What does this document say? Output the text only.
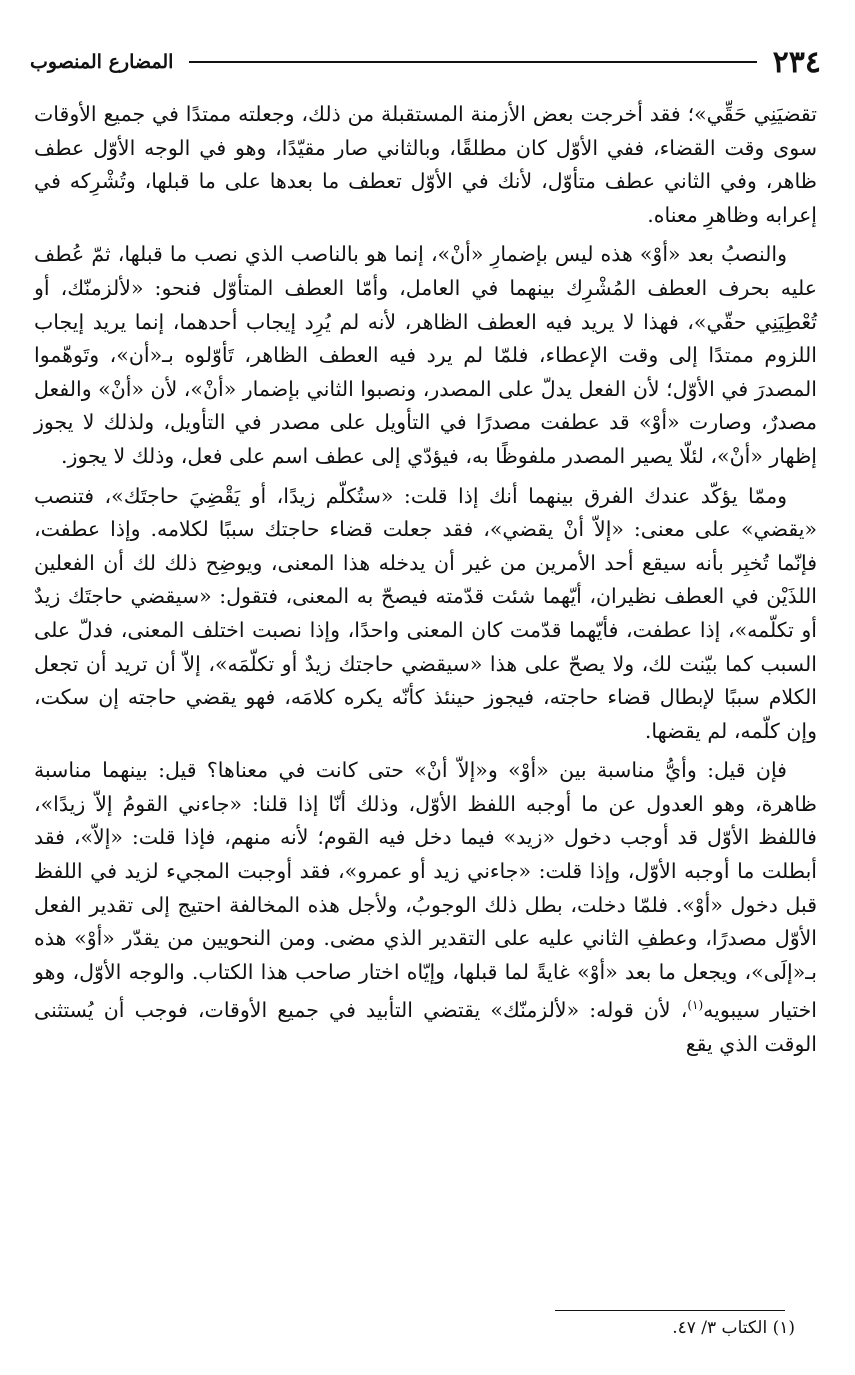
٢٣٤
المضارع المنصوب

تقضيَنِي حَقِّي»؛ فقد أخرجت بعض الأزمنة المستقبلة من ذلك، وجعلته ممتدًا في جميع الأوقات سوى وقت القضاء، ففي الأوّل كان مطلقًا، وبالثاني صار مقيّدًا، وهو في الوجه الأوّل عطف ظاهر، وفي الثاني عطف متأوّل، لأنك في الأوّل تعطف ما بعدها على ما قبلها، وتُشْرِكه في إعرابه وظاهرِ معناه.

والنصبُ بعد «أوْ» هذه ليس بإضمارِ «أنْ»، إنما هو بالناصب الذي نصب ما قبلها، ثمّ عُطف عليه بحرف العطف المُشْرِك بينهما في العامل، وأمّا العطف المتأوّل فنحو: «لألزمنّك، أو تُعْطِيَنِي حقّي»، فهذا لا يريد فيه العطف الظاهر، لأنه لم يُرِد إيجاب أحدهما، إنما يريد إيجاب اللزوم ممتدًا إلى وقت الإعطاء، فلمّا لم يرد فيه العطف الظاهر، تَأوّلوه بـ«أن»، وتَوهّموا المصدرَ في الأوّل؛ لأن الفعل يدلّ على المصدر، ونصبوا الثاني بإضمار «أنْ»، لأن «أنْ» والفعل مصدرٌ، وصارت «أوْ» قد عطفت مصدرًا في التأويل على مصدر في التأويل، ولذلك لا يجوز إظهار «أنْ»، لئلّا يصير المصدر ملفوظًا به، فيؤدّي إلى عطف اسم على فعل، وذلك لا يجوز.

وممّا يؤكّد عندك الفرق بينهما أنك إذا قلت: «ستُكلّم زيدًا، أو يَقْضِيَ حاجتَك»، فتنصب «يقضي» على معنى: «إلاّ أنْ يقضي»، فقد جعلت قضاء حاجتك سببًا لكلامه. وإذا عطفت، فإنّما تُخبِر بأنه سيقع أحد الأمرين من غير أن يدخله هذا المعنى، ويوضِح ذلك لك أن الفعلين اللذَيْن في العطف نظيران، أيّهما شئت قدّمته فيصحّ به المعنى، فتقول: «سيقضي حاجتَك زيدٌ أو تكلّمه»، إذا عطفت، فأيّهما قدّمت كان المعنى واحدًا، وإذا نصبت اختلف المعنى، فدلّ على السبب كما بيّنت لك، ولا يصحّ على هذا «سيقضي حاجتك زيدٌ أو تكلّمَه»، إلاّ أن تريد أن تجعل الكلام سببًا لإبطال قضاء حاجته، فيجوز حينئذ كأنّه يكره كلامَه، فهو يقضي حاجته إن سكت، وإن كلّمه، لم يقضها.

فإن قيل: وأيُّ مناسبة بين «أوْ» و«إلاّ أنْ» حتى كانت في معناها؟ قيل: بينهما مناسبة ظاهرة، وهو العدول عن ما أوجبه اللفظ الأوّل، وذلك أنّا إذا قلنا: «جاءني القومُ إلاّ زيدًا»، فاللفظ الأوّل قد أوجب دخول «زيد» فيما دخل فيه القوم؛ لأنه منهم، فإذا قلت: «إلاّ»، فقد أبطلت ما أوجبه الأوّل، وإذا قلت: «جاءني زيد أو عمرو»، فقد أوجبت المجيء لزيد في اللفظ قبل دخول «أوْ». فلمّا دخلت، بطل ذلك الوجوبُ، ولأجل هذه المخالفة احتيج إلى تقدير الفعل الأوّل مصدرًا، وعطفِ الثاني عليه على التقدير الذي مضى. ومن النحويين من يقدّر «أوْ» هذه بـ«إلَى»، ويجعل ما بعد «أوْ» غايةً لما قبلها، وإيّاه اختار صاحب هذا الكتاب. والوجه الأوّل، وهو اختيار سيبويه$^{(١)}$، لأن قوله: «لألزمنّك» يقتضي التأبيد في جميع الأوقات، فوجب أن يُستثنى الوقت الذي يقع

(١) الكتاب ٣/ ٤٧.
